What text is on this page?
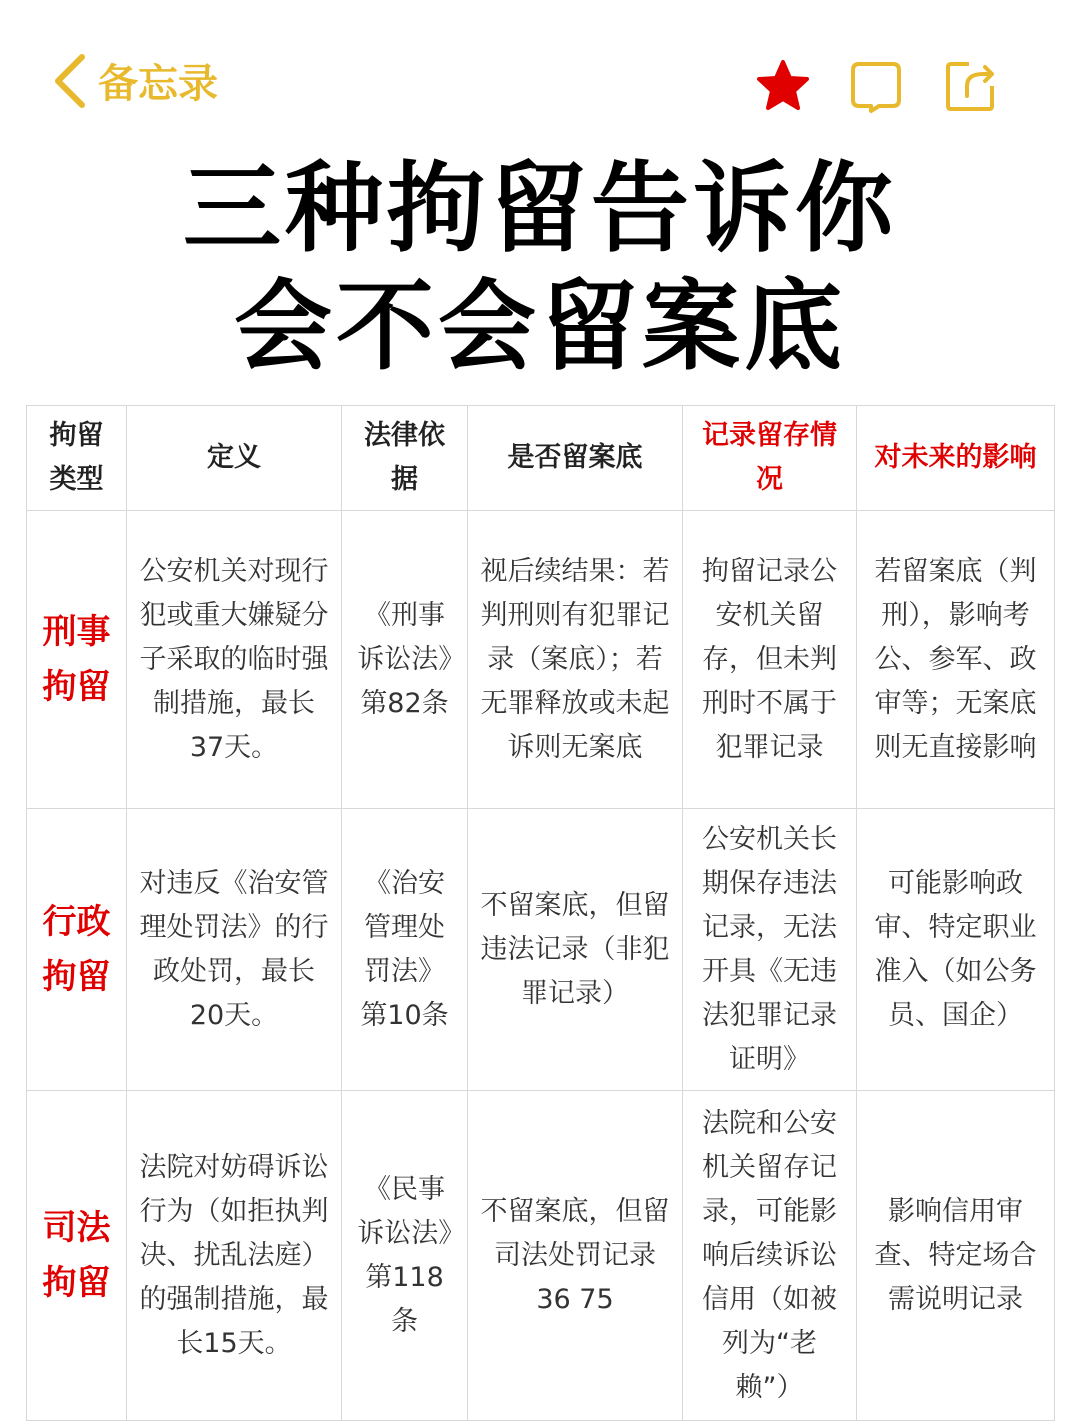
备忘录
三种拘留告诉你
会不会留案底
拘留类型	定义	法律依据	是否留案底	记录留存情况	对未来的影响
刑事拘留	公安机关对现行犯或重大嫌疑分子采取的临时强制措施，最长37天。	《刑事诉讼法》第82条	视后续结果：若判刑则有犯罪记录（案底）；若无罪释放或未起诉则无案底	拘留记录公安机关留存，但未判刑时不属于犯罪记录	若留案底（判刑），影响考公、参军、政审等；无案底则无直接影响
行政拘留	对违反《治安管理处罚法》的行政处罚，最长20天。	《治安管理处罚法》第10条	不留案底，但留违法记录（非犯罪记录）	公安机关长期保存违法记录，无法开具《无违法犯罪记录证明》	可能影响政审、特定职业准入（如公务员、国企）
司法拘留	法院对妨碍诉讼行为（如拒执判决、扰乱法庭）的强制措施，最长15天。	《民事诉讼法》第118条	不留案底，但留司法处罚记录 36 75	法院和公安机关留存记录，可能影响后续诉讼信用（如被列为“老赖”）	影响信用审查、特定场合需说明记录
